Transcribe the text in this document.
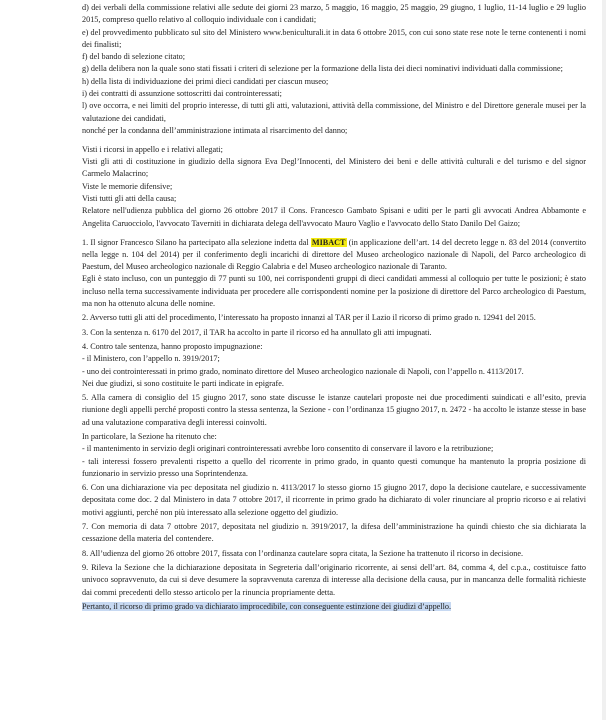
d) dei verbali della commissione relativi alle sedute dei giorni 23 marzo, 5 maggio, 16 maggio, 25 maggio, 29 giugno, 1 luglio, 11-14 luglio e 29 luglio 2015, compreso quello relativo al colloquio individuale con i candidati;

e) del provvedimento pubblicato sul sito del Ministero www.beniculturali.it in data 6 ottobre 2015, con cui sono state rese note le terne contenenti i nomi dei finalisti;

f) del bando di selezione citato;

g) della delibera non la quale sono stati fissati i criteri di selezione per la formazione della lista dei dieci nominativi individuati dalla commissione;

h) della lista di individuazione dei primi dieci candidati per ciascun museo;

i) dei contratti di assunzione sottoscritti dai controinteressati;

l) ove occorra, e nei limiti del proprio interesse, di tutti gli atti, valutazioni, attività della commissione, del Ministro e del Direttore generale musei per la valutazione dei candidati,

nonché per la condanna dell’amministrazione intimata al risarcimento del danno;

Visti i ricorsi in appello e i relativi allegati;

Visti gli atti di costituzione in giudizio della signora Eva Degl’Innocenti, del Ministero dei beni e delle attività culturali e del turismo e del signor Carmelo Malacrino;

Viste le memorie difensive;

Visti tutti gli atti della causa;

Relatore nell'udienza pubblica del giorno 26 ottobre 2017 il Cons. Francesco Gambato Spisani e uditi per le parti gli avvocati Andrea Abbamonte e Angelita Caruocciolo, l'avvocato Taverniti in dichiarata delega dell'avvocato Mauro Vaglio e l'avvocato dello Stato Danilo Del Gaizo;

1. Il signor Francesco Silano ha partecipato alla selezione indetta dal MIBACT (in applicazione dell’art. 14 del decreto legge n. 83 del 2014 (convertito nella legge n. 104 del 2014) per il conferimento degli incarichi di direttore del Museo archeologico nazionale di Napoli, del Parco archeologico di Paestum, del Museo archeologico nazionale di Reggio Calabria e del Museo archeologico nazionale di Taranto.

Egli è stato incluso, con un punteggio di 77 punti su 100, nei corrispondenti gruppi di dieci candidati ammessi al colloquio per tutte le posizioni; è stato incluso nella terna successivamente individuata per procedere alle corrispondenti nomine per la posizione di direttore del Parco archeologico di Paestum, ma non ha ottenuto alcuna delle nomine.

2. Avverso tutti gli atti del procedimento, l’interessato ha proposto innanzi al TAR per il Lazio il ricorso di primo grado n. 12941 del 2015.

3. Con la sentenza n. 6170 del 2017, il TAR ha accolto in parte il ricorso ed ha annullato gli atti impugnati.

4. Contro tale sentenza, hanno proposto impugnazione:

- il Ministero, con l’appello n. 3919/2017;

- uno dei controinteressati in primo grado, nominato direttore del Museo archeologico nazionale di Napoli, con l’appello n. 4113/2017.

Nei due giudizi, si sono costituite le parti indicate in epigrafe.

5. Alla camera di consiglio del 15 giugno 2017, sono state discusse le istanze cautelari proposte nei due procedimenti suindicati e all’esito, previa riunione degli appelli perché proposti contro la stessa sentenza, la Sezione - con l’ordinanza 15 giugno 2017, n. 2472 - ha accolto le istanze stesse in base ad una valutazione comparativa degli interessi coinvolti.

In particolare, la Sezione ha ritenuto che:

- il mantenimento in servizio degli originari controinteressati avrebbe loro consentito di conservare il lavoro e la retribuzione;

- tali interessi fossero prevalenti rispetto a quello del ricorrente in primo grado, in quanto questi comunque ha mantenuto la propria posizione di funzionario in servizio presso una Soprintendenza.

6. Con una dichiarazione via pec depositata nel giudizio n. 4113/2017 lo stesso giorno 15 giugno 2017, dopo la decisione cautelare, e successivamente depositata come doc. 2 dal Ministero in data 7 ottobre 2017, il ricorrente in primo grado ha dichiarato di voler rinunciare al proprio ricorso e ai relativi motivi aggiunti, perché non più interessato alla selezione oggetto del giudizio.

7. Con memoria di data 7 ottobre 2017, depositata nel giudizio n. 3919/2017, la difesa dell’amministrazione ha quindi chiesto che sia dichiarata la cessazione della materia del contendere.

8. All’udienza del giorno 26 ottobre 2017, fissata con l’ordinanza cautelare sopra citata, la Sezione ha trattenuto il ricorso in decisione.

9. Rileva la Sezione che la dichiarazione depositata in Segreteria dall’originario ricorrente, ai sensi dell’art. 84, comma 4, del c.p.a., costituisce fatto univoco sopravvenuto, da cui si deve desumere la sopravvenuta carenza di interesse alla decisione della causa, pur in mancanza delle formalità richieste dai commi precedenti dello stesso articolo per la rinuncia propriamente detta.

Pertanto, il ricorso di primo grado va dichiarato improcedibile, con conseguente estinzione dei giudizi d’appello.
